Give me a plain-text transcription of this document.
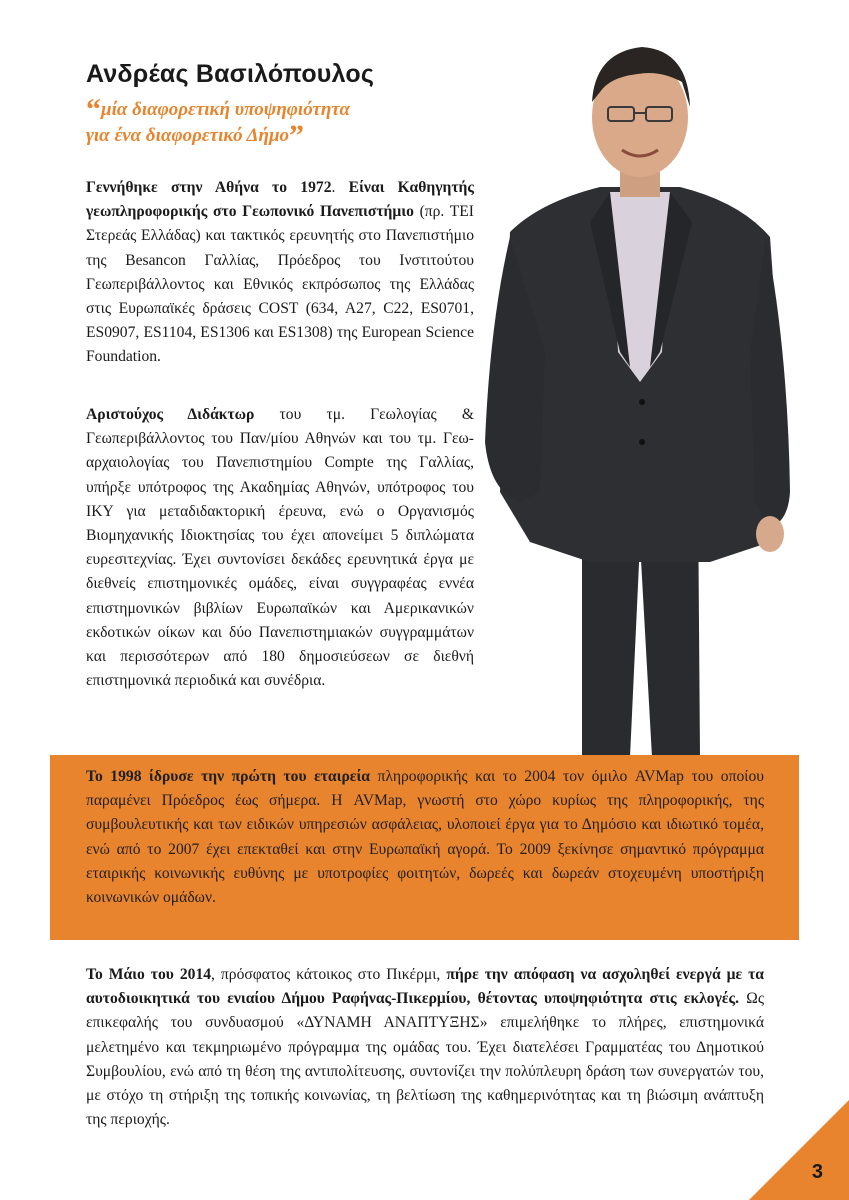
Ανδρέας Βασιλόπουλος
“μία διαφορετική υποψηφιότητα
για ένα διαφορετικό Δήμο”

Γεννήθηκε στην Αθήνα το 1972. Είναι Καθηγητής γεωπληροφορικής στο Γεωπονικό Πανεπιστήμιο (πρ. ΤΕΙ Στερεάς Ελλάδας) και τακτικός ερευνητής στο Πανεπιστήμιο της Besancon Γαλλίας, Πρόεδρος του Ινστιτούτου Γεωπεριβάλλοντος και Εθνικός εκπρόσωπος της Ελλάδας στις Ευρωπαϊκές δράσεις COST (634, A27, C22, ES0701, ES0907, ES1104, ES1306 και ES1308) της European Science Foundation.

Αριστούχος Διδάκτωρ του τμ. Γεωλογίας & Γεωπεριβάλλοντος του Παν/μίου Αθηνών και του τμ. Γεω-αρχαιολογίας του Πανεπιστημίου Compte της Γαλλίας, υπήρξε υπότροφος της Ακαδημίας Αθηνών, υπότροφος του ΙΚΥ για μεταδιδακτορική έρευνα, ενώ ο Οργανισμός Βιομηχανικής Ιδιοκτησίας του έχει απονείμει 5 διπλώματα ευρεσιτεχνίας. Έχει συντονίσει δεκάδες ερευνητικά έργα με διεθνείς επιστημονικές ομάδες, είναι συγγραφέας εννέα επιστημονικών βιβλίων Ευρωπαϊκών και Αμερικανικών εκδοτικών οίκων και δύο Πανεπιστημιακών συγγραμμάτων και περισσότερων από 180 δημοσιεύσεων σε διεθνή επιστημονικά περιοδικά και συνέδρια.

Το 1998 ίδρυσε την πρώτη του εταιρεία πληροφορικής και το 2004 τον όμιλο AVMap του οποίου παραμένει Πρόεδρος έως σήμερα. Η AVMap, γνωστή στο χώρο κυρίως της πληροφορικής, της συμβουλευτικής και των ειδικών υπηρεσιών ασφάλειας, υλοποιεί έργα για το Δημόσιο και ιδιωτικό τομέα, ενώ από το 2007 έχει επεκταθεί και στην Ευρωπαϊκή αγορά. Το 2009 ξεκίνησε σημαντικό πρόγραμμα εταιρικής κοινωνικής ευθύνης με υποτροφίες φοιτητών, δωρεές και δωρεάν στοχευμένη υποστήριξη κοινωνικών ομάδων.

Το Μάιο του 2014, πρόσφατος κάτοικος στο Πικέρμι, πήρε την απόφαση να ασχοληθεί ενεργά με τα αυτοδιοικητικά του ενιαίου Δήμου Ραφήνας-Πικερμίου, θέτοντας υποψηφιότητα στις εκλογές. Ως επικεφαλής του συνδυασμού «ΔΥΝΑΜΗ ΑΝΑΠΤΥΞΗΣ» επιμελήθηκε το πλήρες, επιστημονικά μελετημένο και τεκμηριωμένο πρόγραμμα της ομάδας του. Έχει διατελέσει Γραμματέας του Δημοτικού Συμβουλίου, ενώ από τη θέση της αντιπολίτευσης, συντονίζει την πολύπλευρη δράση των συνεργατών του, με στόχο τη στήριξη της τοπικής κοινωνίας, τη βελτίωση της καθημερινότητας και τη βιώσιμη ανάπτυξη της περιοχής.

3
